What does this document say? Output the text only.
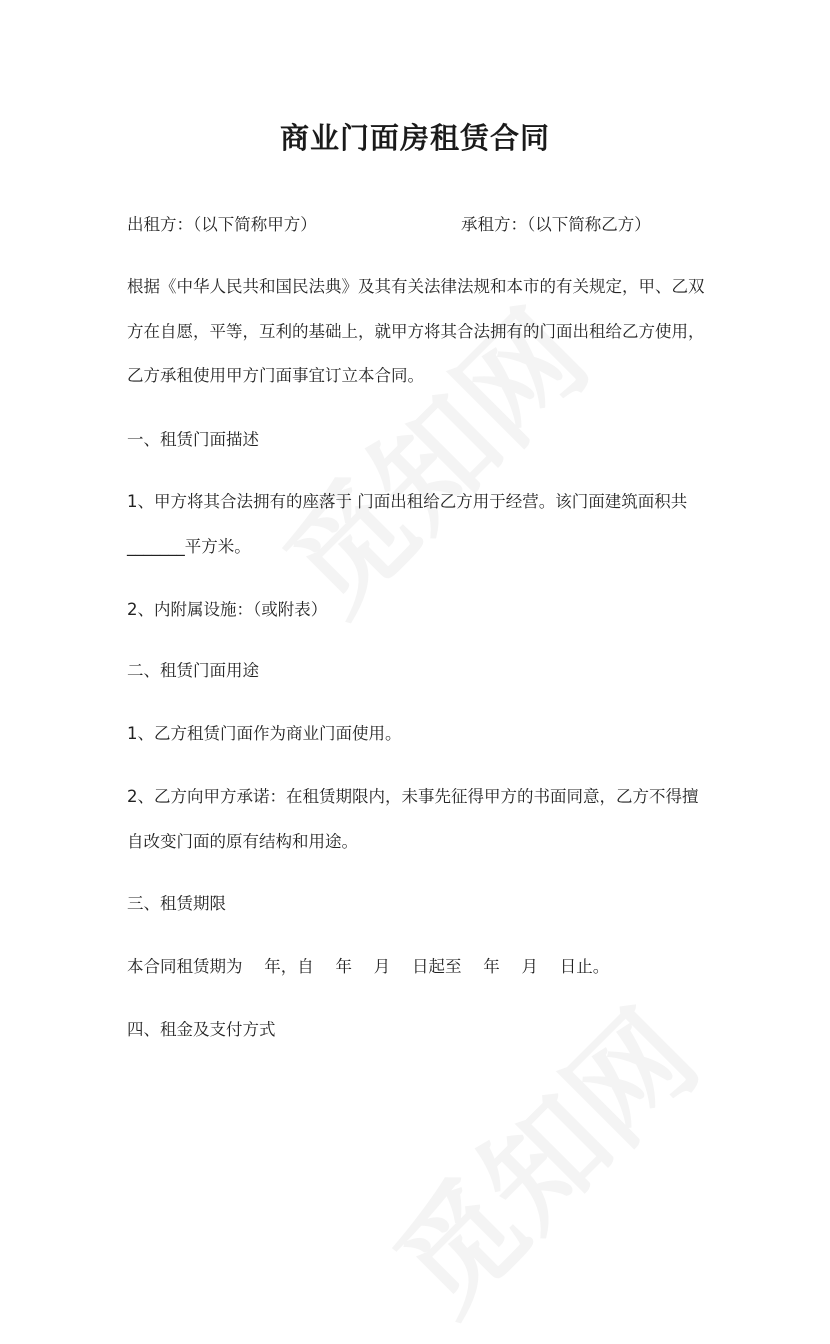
商业门面房租赁合同
出租方：（以下简称甲方）	承租方：（以下简称乙方）
根据《中华人民共和国民法典》及其有关法律法规和本市的有关规定，甲、乙双
方在自愿，平等，互利的基础上，就甲方将其合法拥有的门面出租给乙方使用，
乙方承租使用甲方门面事宜订立本合同。
一、租赁门面描述
1、甲方将其合法拥有的座落于 门面出租给乙方用于经营。该门面建筑面积共
_______平方米。
2、内附属设施：（或附表）
二、租赁门面用途
1、乙方租赁门面作为商业门面使用。
2、乙方向甲方承诺：在租赁期限内，未事先征得甲方的书面同意，乙方不得擅
自改变门面的原有结构和用途。
三、租赁期限
本合同租赁期为　 年，自　 年　 月　 日起至　 年　 月　 日止。
四、租金及支付方式
